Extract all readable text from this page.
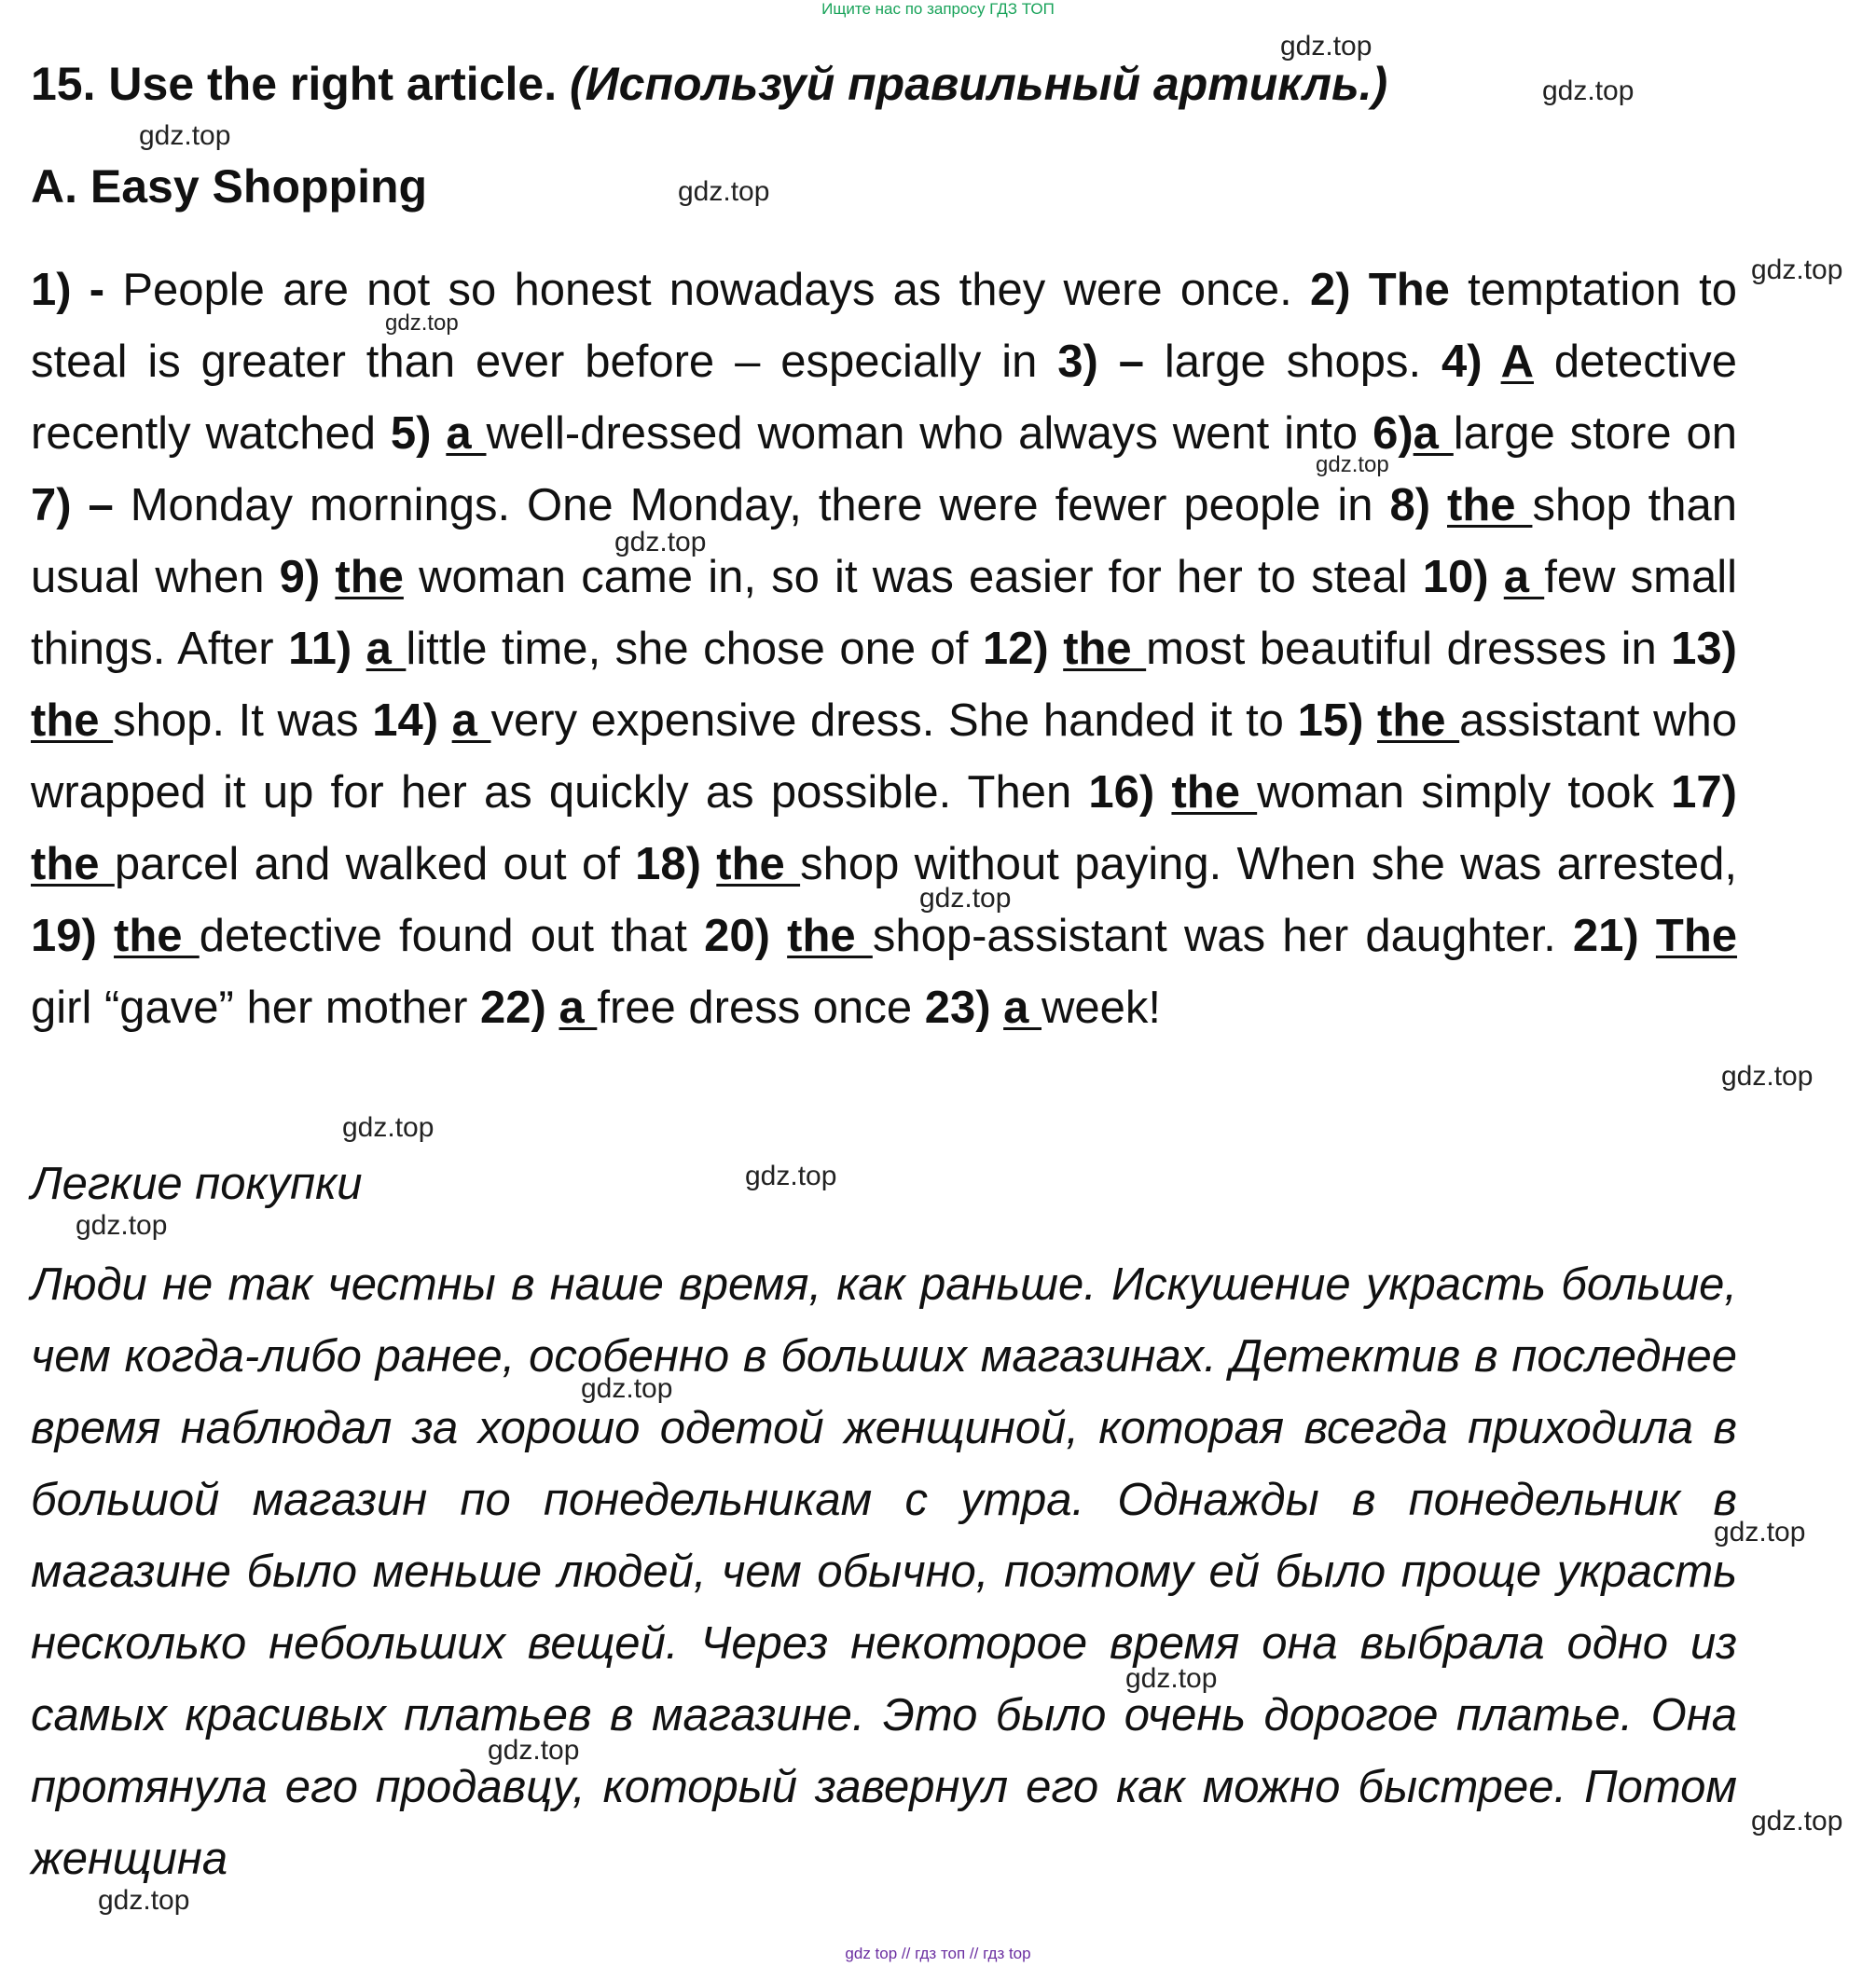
Ищите нас по запросу ГДЗ ТОП
15. Use the right article. (Используй правильный артикль.)
A. Easy Shopping

1) - People are not so honest nowadays as they were once. 2) The temptation to steal is greater than ever before – especially in 3) – large shops. 4) A detective recently watched 5) a well-dressed woman who always went into 6)a large store on 7) – Monday mornings. One Monday, there were fewer people in 8) the shop than usual when 9) the woman came in, so it was easier for her to steal 10) a few small things. After 11) a little time, she chose one of 12) the most beautiful dresses in 13) the shop. It was 14) a very expensive dress. She handed it to 15) the assistant who wrapped it up for her as quickly as possible. Then 16) the woman simply took 17) the parcel and walked out of 18) the shop without paying. When she was arrested, 19) the detective found out that 20) the shop-assistant was her daughter. 21) The girl “gave” her mother 22) a free dress once 23) a week!

Легкие покупки

Люди не так честны в наше время, как раньше. Искушение украсть больше, чем когда-либо ранее, особенно в больших магазинах. Детектив в последнее время наблюдал за хорошо одетой женщиной, которая всегда приходила в большой магазин по понедельникам с утра. Однажды в понедельник в магазине было меньше людей, чем обычно, поэтому ей было проще украсть несколько небольших вещей. Через некоторое время она выбрала одно из самых красивых платьев в магазине. Это было очень дорогое платье. Она протянула его продавцу, который завернул его как можно быстрее. Потом женщина

gdz.top
gdz.top
gdz.top
gdz.top
gdz.top
gdz.top
gdz.top
gdz.top
gdz.top
gdz.top
gdz.top
gdz.top
gdz.top
gdz.top
gdz.top
gdz.top
gdz.top
gdz.top
gdz.top
gdz top // гдз топ // гдз top
